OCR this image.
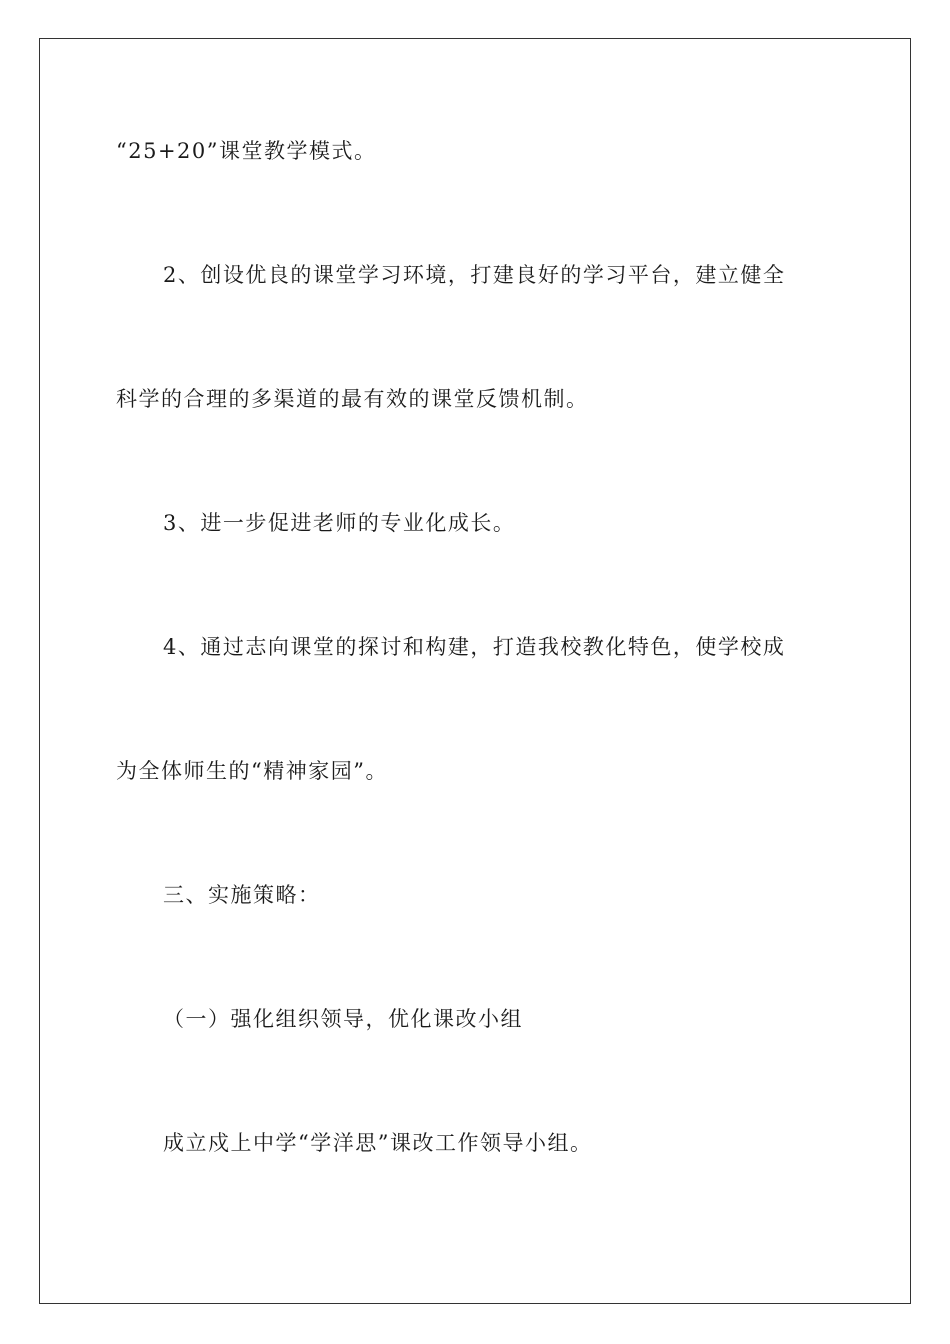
“25+20”课堂教学模式。
2、创设优良的课堂学习环境，打建良好的学习平台，建立健全
科学的合理的多渠道的最有效的课堂反馈机制。
3、进一步促进老师的专业化成长。
4、通过志向课堂的探讨和构建，打造我校教化特色，使学校成
为全体师生的“精神家园”。
三、实施策略：
（一）强化组织领导，优化课改小组
成立戍上中学“学洋思”课改工作领导小组。
